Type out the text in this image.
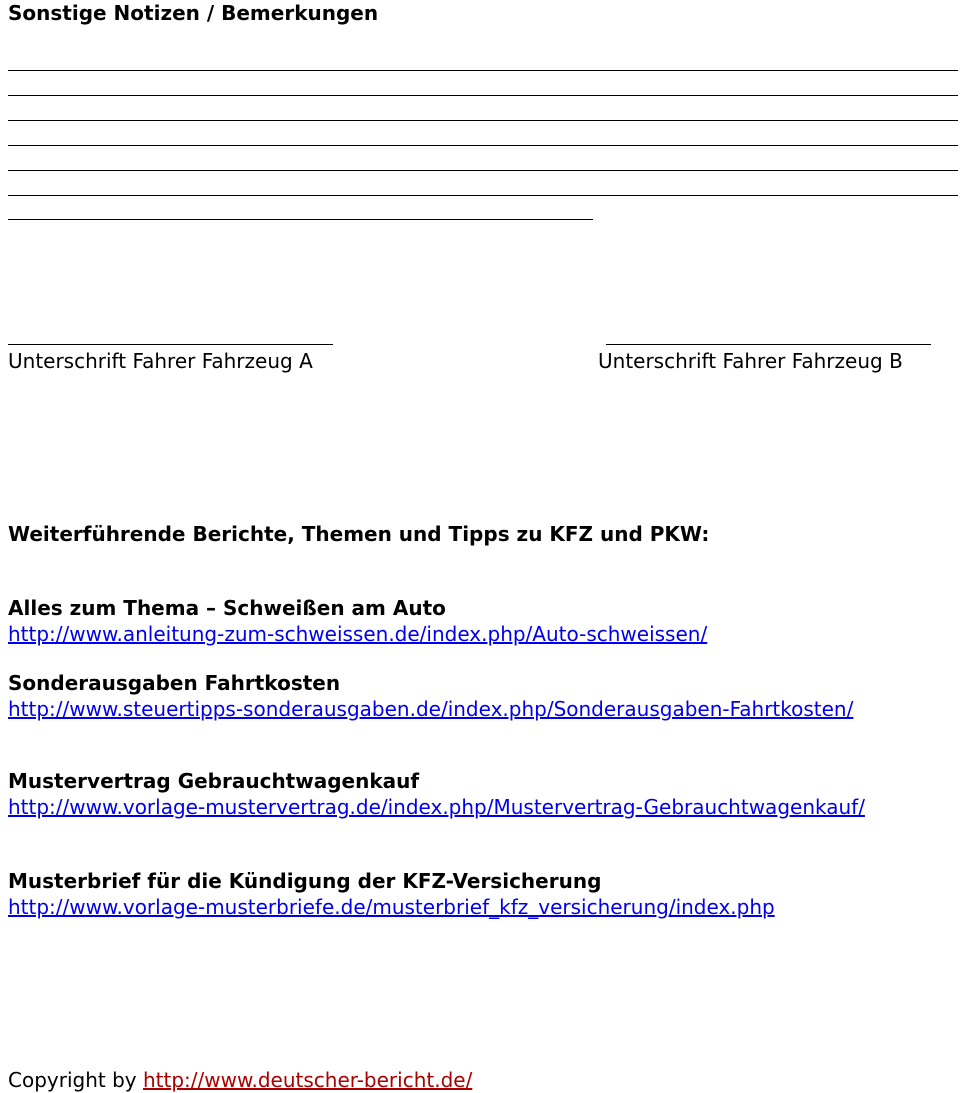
Sonstige Notizen / Bemerkungen
Unterschrift Fahrer Fahrzeug A	Unterschrift Fahrer Fahrzeug B
Weiterführende Berichte, Themen und Tipps zu KFZ und PKW:
Alles zum Thema – Schweißen am Auto
http://www.anleitung-zum-schweissen.de/index.php/Auto-schweissen/
Sonderausgaben Fahrtkosten
http://www.steuertipps-sonderausgaben.de/index.php/Sonderausgaben-Fahrtkosten/
Mustervertrag Gebrauchtwagenkauf
http://www.vorlage-mustervertrag.de/index.php/Mustervertrag-Gebrauchtwagenkauf/
Musterbrief für die Kündigung der KFZ-Versicherung
http://www.vorlage-musterbriefe.de/musterbrief_kfz_versicherung/index.php
Copyright by http://www.deutscher-bericht.de/
